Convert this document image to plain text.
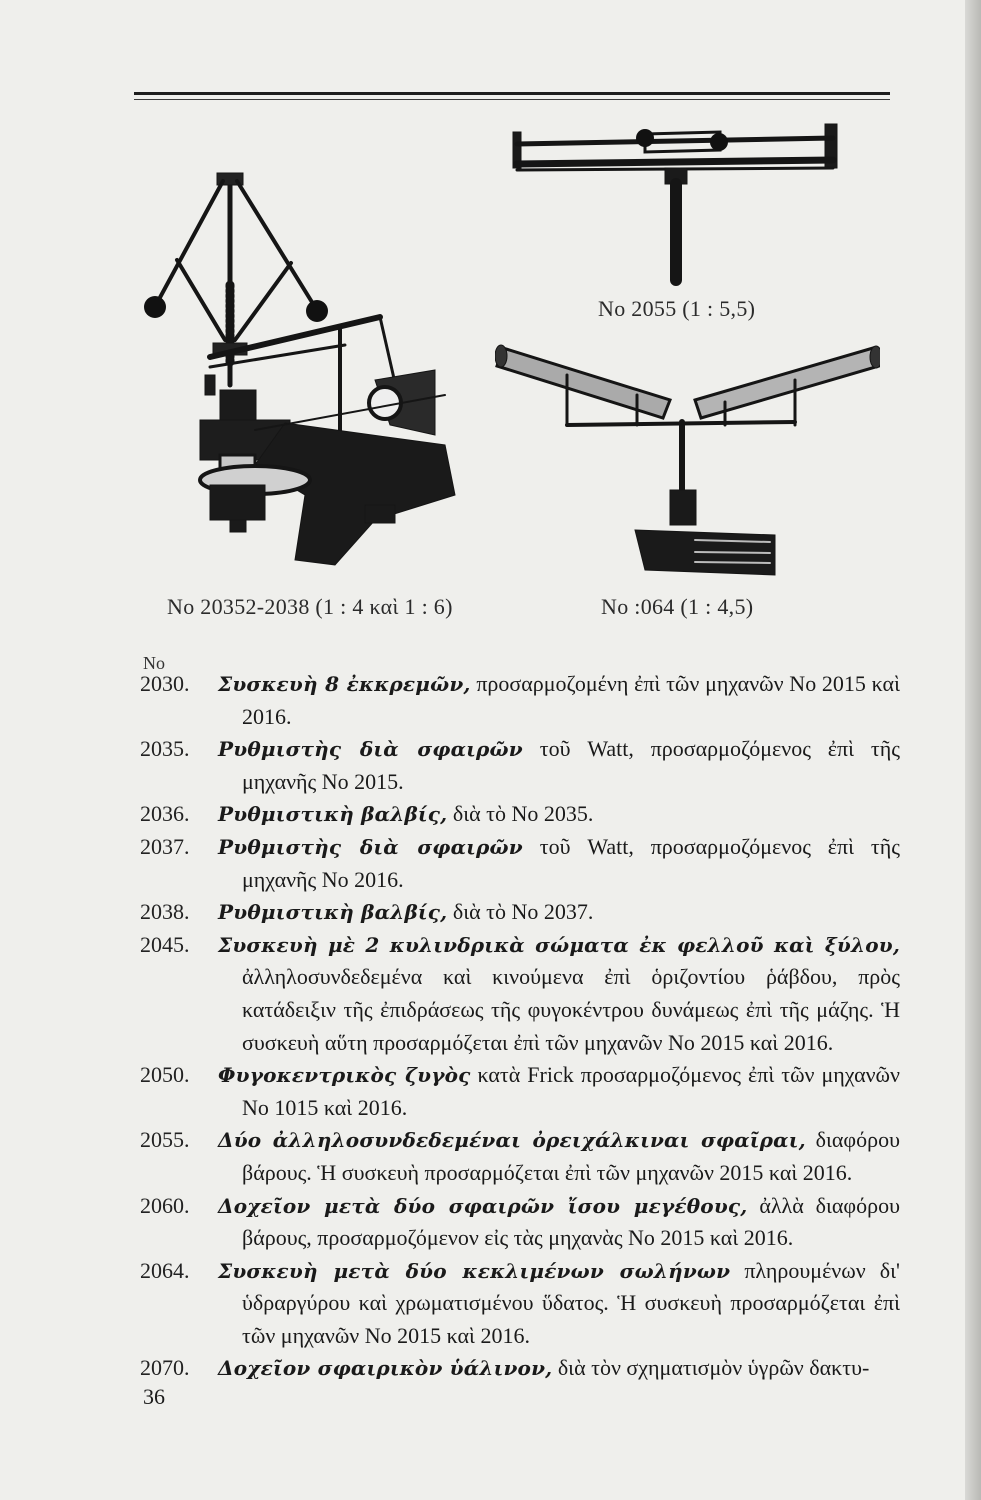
No 20352-2038 (1 : 4 καὶ 1 : 6)
No 2055 (1 : 5,5)
No :064 (1 : 4,5)
No
2030.	Συσκευὴ 8 ἐκκρεμῶν, προσαρμοζομένη ἐπὶ τῶν μηχανῶν No 2015 καὶ 2016.
2035.	Ρυθμιστὴς διὰ σφαιρῶν τοῦ Watt, προσαρμοζόμενος ἐπὶ τῆς μηχανῆς No 2015.
2036.	Ρυθμιστικὴ βαλβίς, διὰ τὸ No 2035.
2037.	Ρυθμιστὴς διὰ σφαιρῶν τοῦ Watt, προσαρμοζόμενος ἐπὶ τῆς μηχανῆς No 2016.
2038.	Ρυθμιστικὴ βαλβίς, διὰ τὸ No 2037.
2045.	Συσκευὴ μὲ 2 κυλινδρικὰ σώματα ἐκ φελλοῦ καὶ ξύλου, ἀλληλοσυνδεδεμένα καὶ κινούμενα ἐπὶ ὁριζοντίου ῥάβδου, πρὸς κατάδειξιν τῆς ἐπιδράσεως τῆς φυγοκέντρου δυνάμεως ἐπὶ τῆς μάζης. Ἡ συσκευὴ αὕτη προσαρμόζεται ἐπὶ τῶν μηχανῶν No 2015 καὶ 2016.
2050.	Φυγοκεντρικὸς ζυγὸς κατὰ Frick προσαρμοζόμενος ἐπὶ τῶν μηχανῶν No 1015 καὶ 2016.
2055.	Δύο ἀλληλοσυνδεδεμέναι ὀρειχάλκιναι σφαῖραι, διαφόρου βάρους. Ἡ συσκευὴ προσαρμόζεται ἐπὶ τῶν μηχανῶν 2015 καὶ 2016.
2060.	Δοχεῖον μετὰ δύο σφαιρῶν ἴσου μεγέθους, ἀλλὰ διαφόρου βάρους, προσαρμοζόμενον εἰς τὰς μηχανὰς No 2015 καὶ 2016.
2064.	Συσκευὴ μετὰ δύο κεκλιμένων σωλήνων πληρουμένων δι' ὑδραργύρου καὶ χρωματισμένου ὕδατος. Ἡ συσκευὴ προσαρμόζεται ἐπὶ τῶν μηχανῶν No 2015 καὶ 2016.
2070.	Δοχεῖον σφαιρικὸν ὑάλινον, διὰ τὸν σχηματισμὸν ὑγρῶν δακτυ-
36
